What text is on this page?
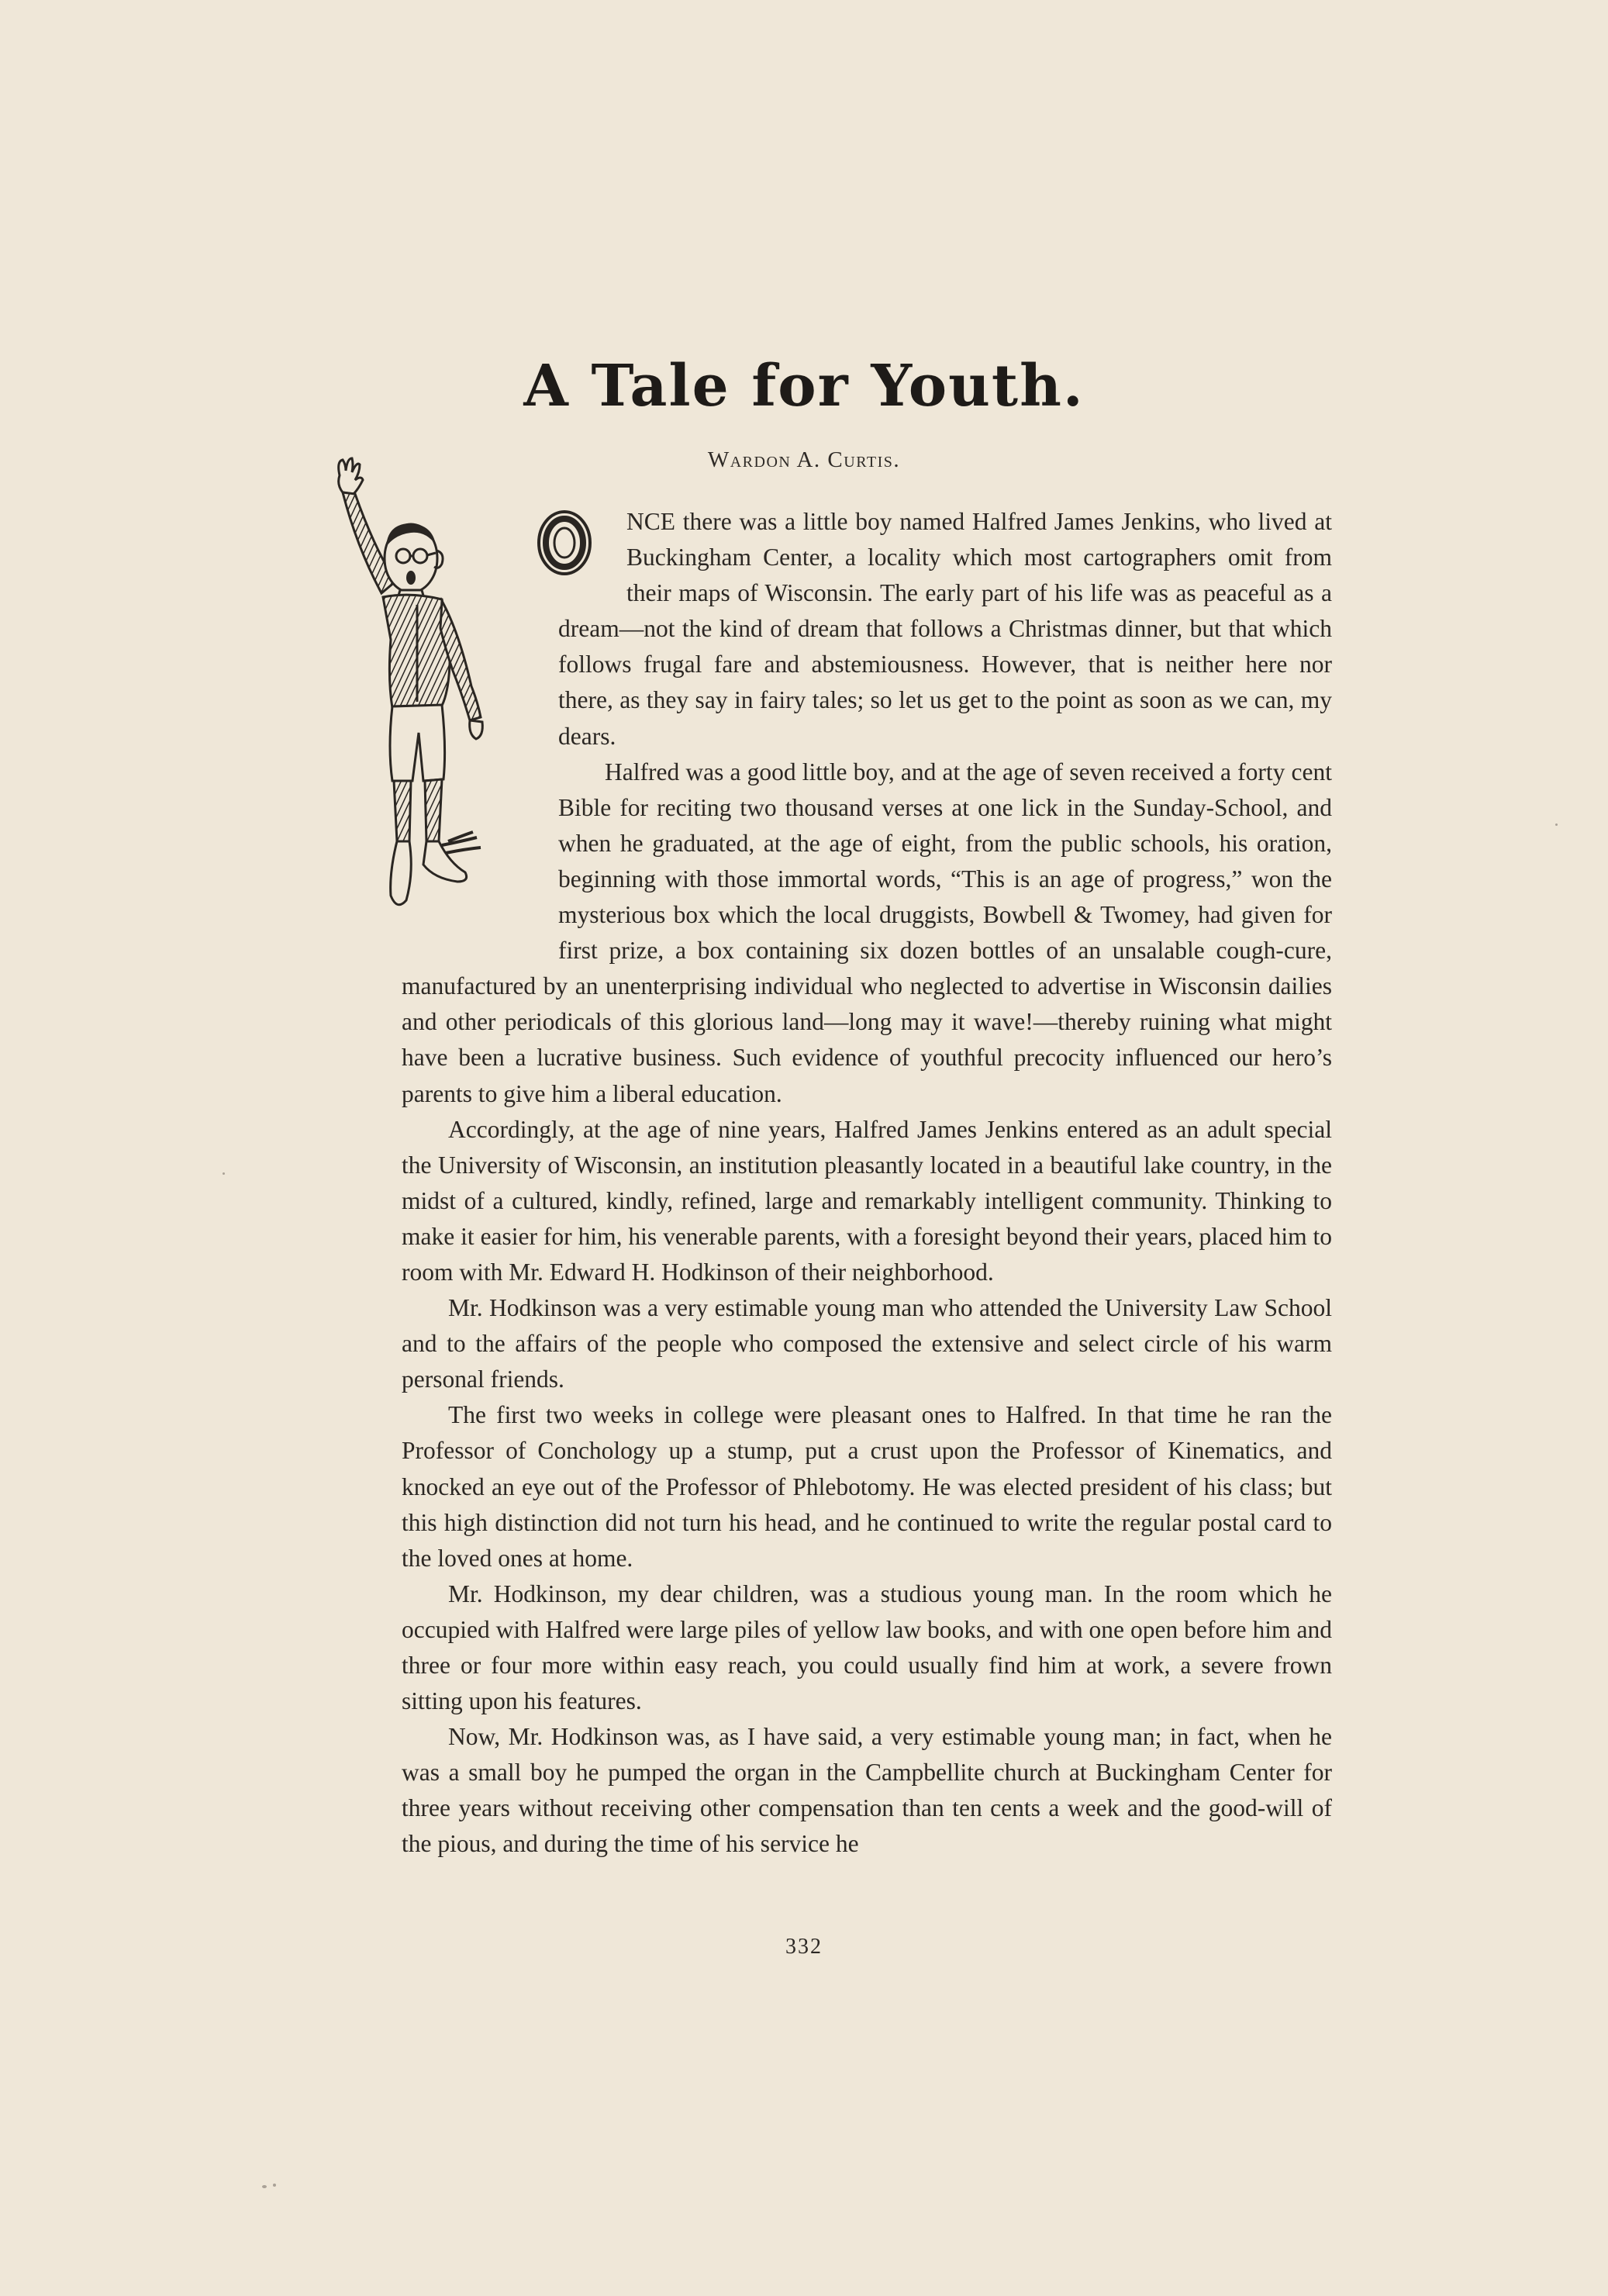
A Tale for Youth.
Wardon A. Curtis.

NCE there was a little boy named Halfred James Jenkins, who lived at Buckingham Center, a locality which most cartographers omit from their maps of Wisconsin. The early part of his life was as peaceful as a dream—not the kind of dream that follows a Christmas dinner, but that which follows frugal fare and abstemiousness. However, that is neither here nor there, as they say in fairy tales; so let us get to the point as soon as we can, my dears.

Halfred was a good little boy, and at the age of seven received a forty cent Bible for reciting two thousand verses at one lick in the Sunday-School, and when he graduated, at the age of eight, from the public schools, his oration, beginning with those immortal words, “This is an age of progress,” won the mysterious box which the local druggists, Bowbell & Twomey, had given for first prize, a box containing six dozen bottles of an unsalable cough-cure, manufactured by an unenterprising individual who neglected to advertise in Wisconsin dailies and other periodicals of this glorious land—long may it wave!—thereby ruining what might have been a lucrative business. Such evidence of youthful precocity influenced our hero’s parents to give him a liberal education.

Accordingly, at the age of nine years, Halfred James Jenkins entered as an adult special the University of Wisconsin, an institution pleasantly located in a beautiful lake country, in the midst of a cultured, kindly, refined, large and remarkably intelligent community. Thinking to make it easier for him, his venerable parents, with a foresight beyond their years, placed him to room with Mr. Edward H. Hodkinson of their neighborhood.

Mr. Hodkinson was a very estimable young man who attended the University Law School and to the affairs of the people who composed the extensive and select circle of his warm personal friends.

The first two weeks in college were pleasant ones to Halfred. In that time he ran the Professor of Conchology up a stump, put a crust upon the Professor of Kinematics, and knocked an eye out of the Professor of Phlebotomy. He was elected president of his class; but this high distinction did not turn his head, and he continued to write the regular postal card to the loved ones at home.

Mr. Hodkinson, my dear children, was a studious young man. In the room which he occupied with Halfred were large piles of yellow law books, and with one open before him and three or four more within easy reach, you could usually find him at work, a severe frown sitting upon his features.

Now, Mr. Hodkinson was, as I have said, a very estimable young man; in fact, when he was a small boy he pumped the organ in the Campbellite church at Buckingham Center for three years without receiving other compensation than ten cents a week and the good-will of the pious, and during the time of his service he

332
